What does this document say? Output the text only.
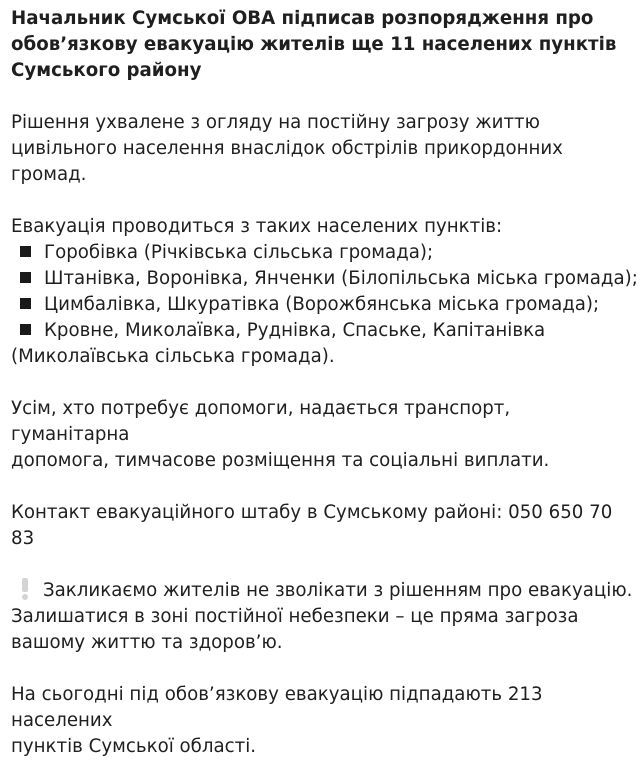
Начальник Сумської ОВА підписав розпорядження про
обов’язкову евакуацію жителів ще 11 населених пунктів
Сумського району
Рішення ухвалене з огляду на постійну загрозу життю
цивільного населення внаслідок обстрілів прикордонних громад.
Евакуація проводиться з таких населених пунктів:
Горобівка (Річківська сільська громада);
Штанівка, Воронівка, Янченки (Білопільська міська громада);
Цимбалівка, Шкуратівка (Ворожбянська міська громада);
Кровне, Миколаївка, Руднівка, Спаське, Капітанівка
(Миколаївська сільська громада).
Усім, хто потребує допомоги, надається транспорт, гуманітарна
допомога, тимчасове розміщення та соціальні виплати.
Контакт евакуаційного штабу в Сумському районі: 050 650 70 83
Закликаємо жителів не зволікати з рішенням про евакуацію.
Залишатися в зоні постійної небезпеки – це пряма загроза
вашому життю та здоров’ю.
На сьогодні під обов’язкову евакуацію підпадають 213 населених
пунктів Сумської області.
